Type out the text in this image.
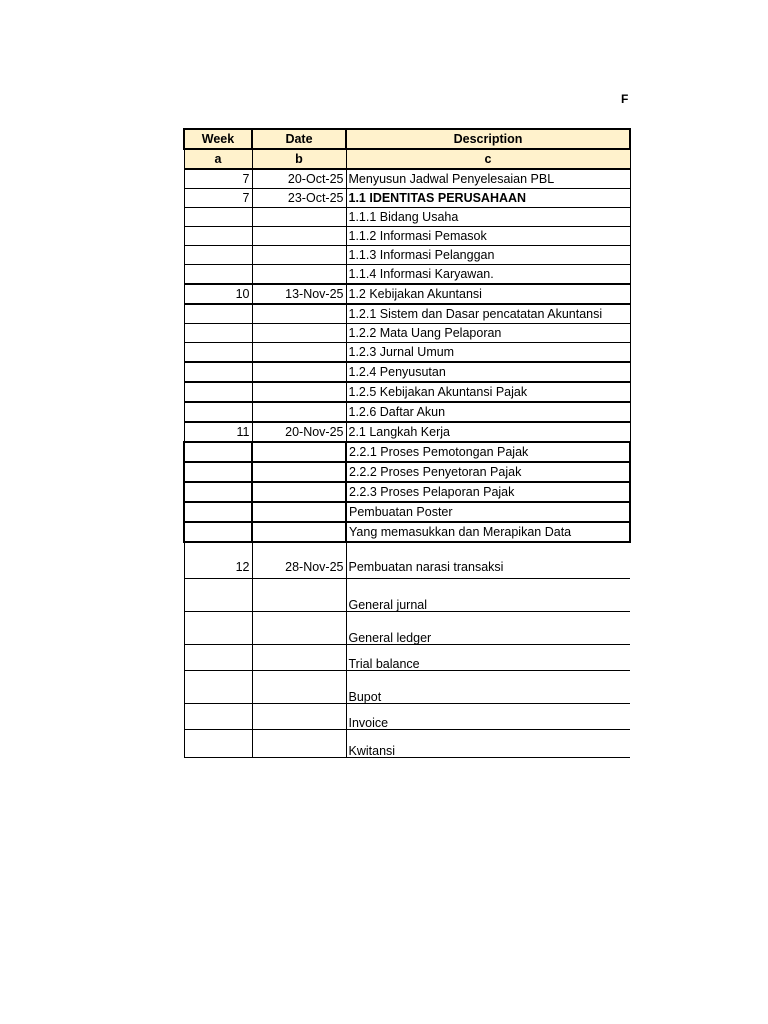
F
Week	Date	Description
a	b	c
7	20-Oct-25	Menyusun Jadwal Penyelesaian PBL
7	23-Oct-25	1.1 IDENTITAS PERUSAHAAN
		1.1.1 Bidang Usaha
		1.1.2 Informasi Pemasok
		1.1.3 Informasi Pelanggan
		1.1.4 Informasi Karyawan.
10	13-Nov-25	1.2 Kebijakan Akuntansi
		1.2.1 Sistem dan Dasar pencatatan Akuntansi
		1.2.2 Mata Uang Pelaporan
		1.2.3 Jurnal Umum
		1.2.4 Penyusutan
		1.2.5 Kebijakan Akuntansi Pajak
		1.2.6 Daftar Akun
11	20-Nov-25	2.1 Langkah Kerja
		2.2.1 Proses Pemotongan Pajak
		2.2.2 Proses Penyetoran Pajak
		2.2.3 Proses Pelaporan Pajak
		Pembuatan Poster
		Yang memasukkan dan Merapikan Data
12	28-Nov-25	Pembuatan narasi transaksi
		General jurnal
		General ledger
		Trial balance
		Bupot
		Invoice
		Kwitansi
